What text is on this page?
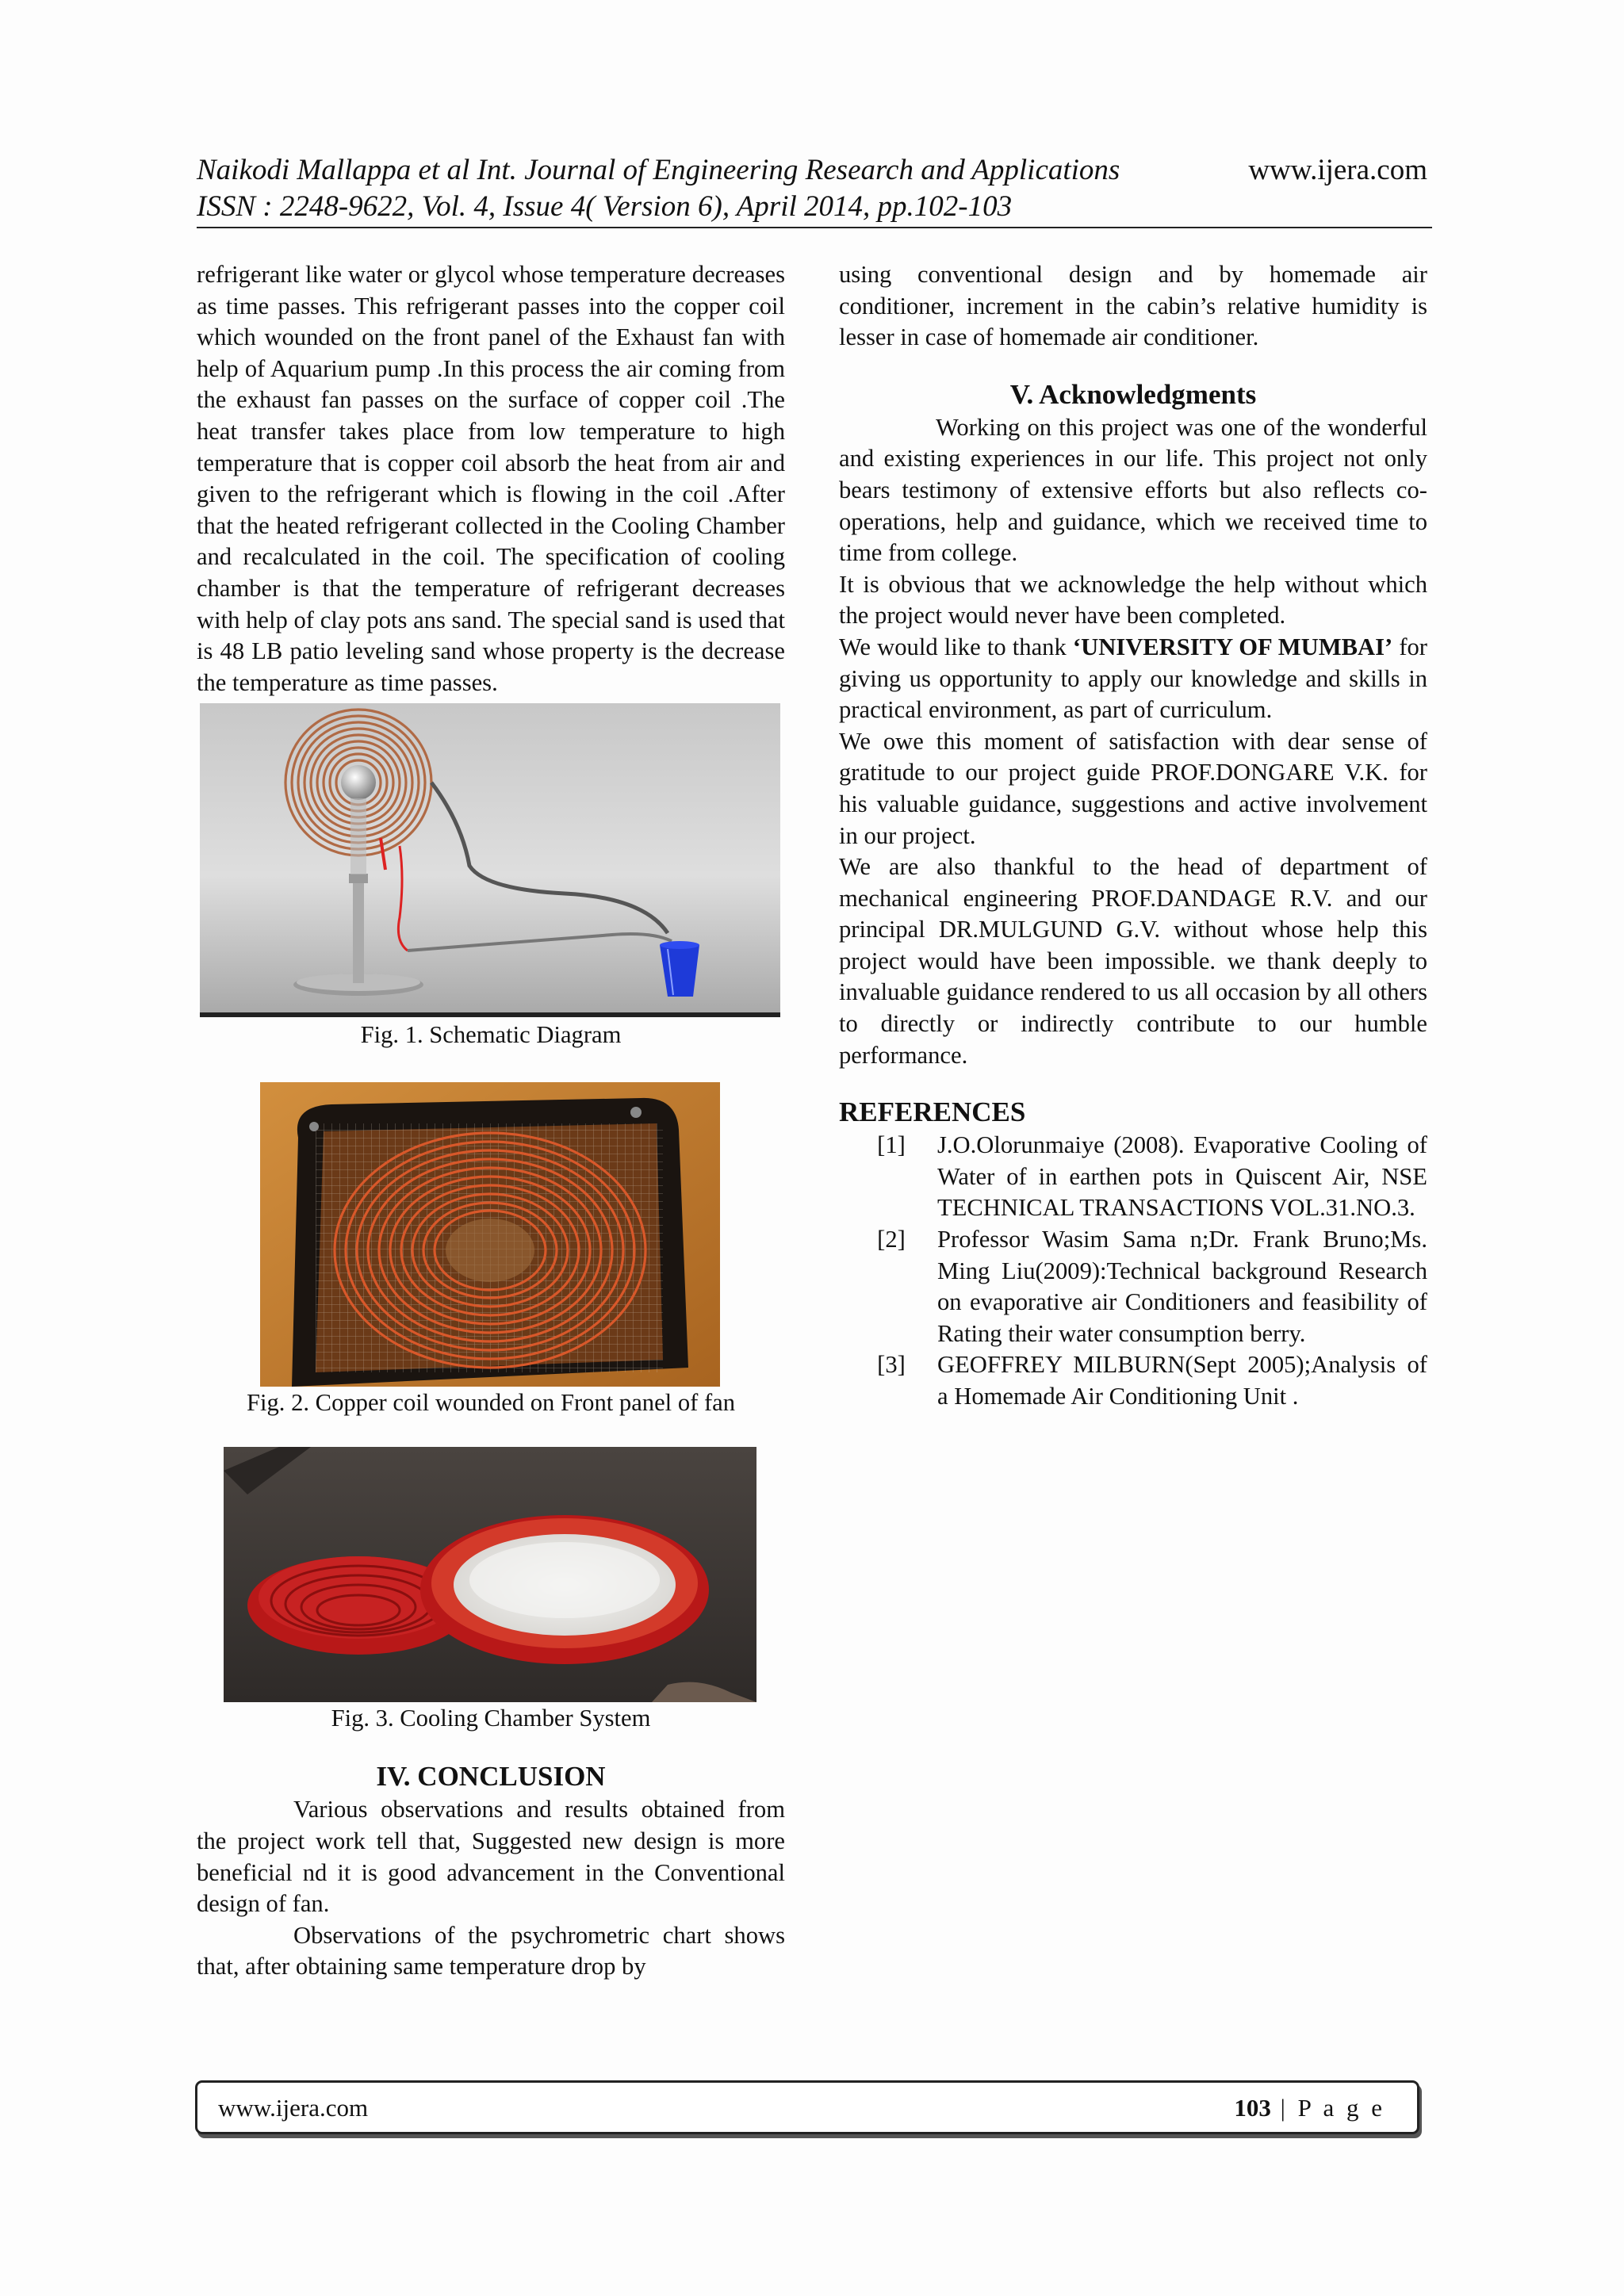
Naikodi Mallappa et al Int. Journal of Engineering Research and Applications
ISSN : 2248-9622, Vol. 4, Issue 4( Version 6), April 2014, pp.102-103
www.ijera.com

refrigerant like water or glycol whose temperature decreases as time passes. This refrigerant passes into the copper coil which wounded on the front panel of the Exhaust fan with help of Aquarium pump .In this process the air coming from the exhaust fan passes on the surface of copper coil .The heat transfer takes place from low temperature to high temperature that is copper coil absorb the heat from air and given to the refrigerant which is flowing in the coil .After that the heated refrigerant collected in the Cooling Chamber and recalculated in the coil. The specification of cooling chamber is that the temperature of refrigerant decreases with help of clay pots ans sand. The special sand is used that is 48 LB patio leveling sand whose property is the decrease the temperature as time passes.

Fig. 1. Schematic Diagram
Fig. 2. Copper coil wounded on Front panel of fan
Fig. 3. Cooling Chamber System
IV. CONCLUSION

Various observations and results obtained from the project work tell that, Suggested new design is more beneficial nd it is good advancement in the Conventional design of fan.

Observations of the psychrometric chart shows that, after obtaining same temperature drop by

using conventional design and by homemade air conditioner, increment in the cabin’s relative humidity is lesser in case of homemade air conditioner.

V. Acknowledgments

Working on this project was one of the wonderful and existing experiences in our life. This project not only bears testimony of extensive efforts but also reflects co-operations, help and guidance, which we received time to time from college.

It is obvious that we acknowledge the help without which the project would never have been completed.

We would like to thank ‘UNIVERSITY OF MUMBAI’ for giving us opportunity to apply our knowledge and skills in practical environment, as part of curriculum.

We owe this moment of satisfaction with dear sense of gratitude to our project guide PROF.DONGARE V.K. for his valuable guidance, suggestions and active involvement in our project.

We are also thankful to the head of department of mechanical engineering PROF.DANDAGE R.V. and our principal DR.MULGUND G.V. without whose help this project would have been impossible. we thank deeply to invaluable guidance rendered to us all occasion by all others to directly or indirectly contribute to our humble performance.

REFERENCES
[1]	J.O.Olorunmaiye (2008). Evaporative Cooling of Water of in earthen pots in Quiscent Air, NSE TECHNICAL TRANSACTIONS VOL.31.NO.3.
[2]	Professor Wasim Sama n;Dr. Frank Bruno;Ms. Ming Liu(2009):Technical background Research on evaporative air Conditioners and feasibility of Rating their water consumption berry.
[3]	GEOFFREY MILBURN(Sept 2005);Analysis of a Homemade Air Conditioning Unit .
www.ijera.com	103 | P a g e
